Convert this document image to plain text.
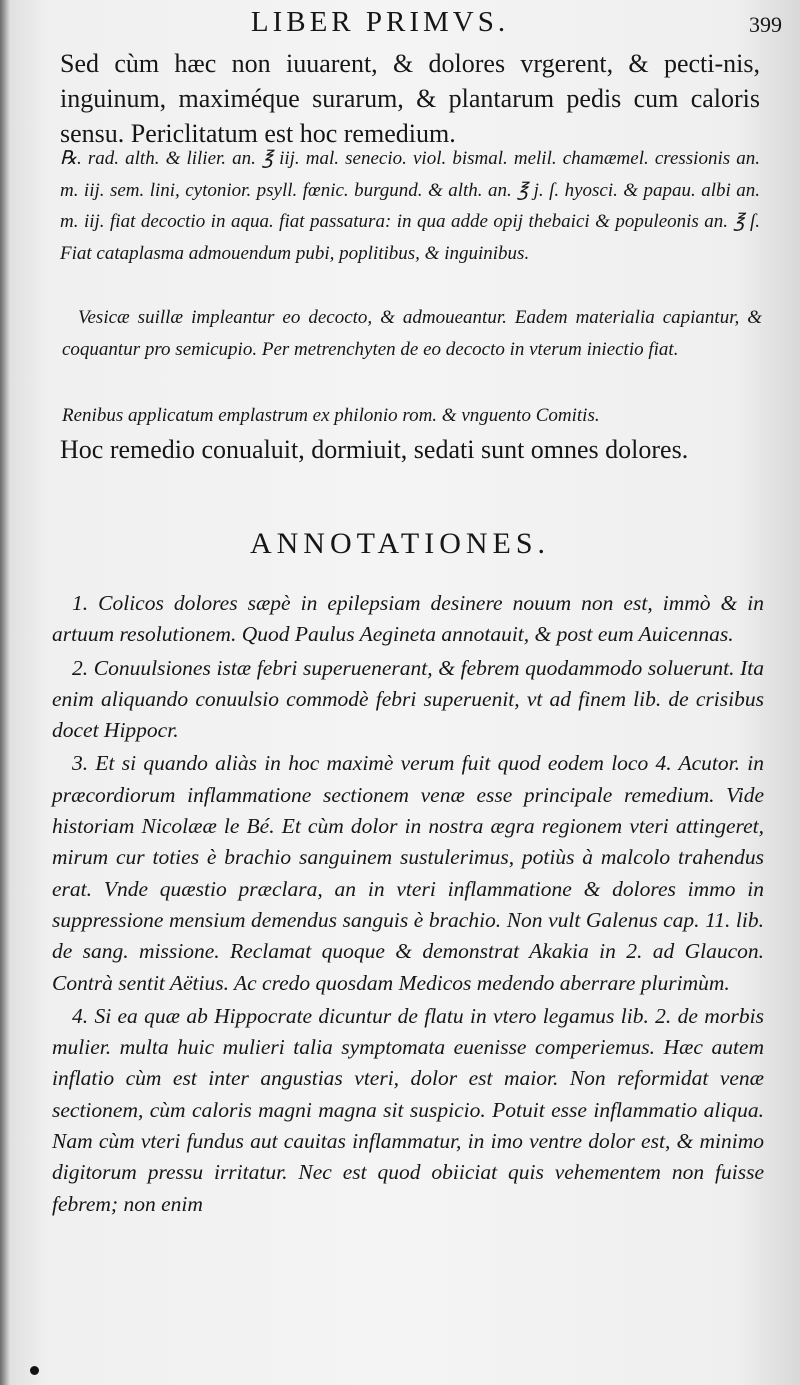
LIBER PRIMVS.	399

Sed cùm hæc non iuuarent, & dolores vrgerent, & pecti-nis, inguinum, maximéque surarum, & plantarum pedis cum caloris sensu. Periclitatum est hoc remedium.

℞. rad. alth. & lilier. an. ℥ iij. mal. senecio. viol. bismal. melil. chamæmel. cressionis an. m. iij. sem. lini, cytonior. psyll. fœnic. burgund. & alth. an. ℥ j. ſ. hyosci. & papau. albi an. m. iij. fiat decoctio in aqua. fiat passatura: in qua adde opij thebaici & populeonis an. ℥ ſ. Fiat cataplasma admouendum pubi, poplitibus, & inguinibus.

Vesicæ suillæ impleantur eo decocto, & admoueantur. Eadem materialia capiantur, & coquantur pro semicupio. Per metrenchyten de eo decocto in vterum iniectio fiat.

Renibus applicatum emplastrum ex philonio rom. & vnguento Comitis.

Hoc remedio conualuit, dormiuit, sedati sunt omnes dolores.

ANNOTATIONES.

1. Colicos dolores sæpè in epilepsiam desinere nouum non est, immò & in artuum resolutionem. Quod Paulus Aegineta annotauit, & post eum Auicennas.

2. Conuulsiones istæ febri superuenerant, & febrem quodammodo soluerunt. Ita enim aliquando conuulsio commodè febri superuenit, vt ad finem lib. de crisibus docet Hippocr.

3. Et si quando aliàs in hoc maximè verum fuit quod eodem loco 4. Acutor. in præcordiorum inflammatione sectionem venæ esse principale remedium. Vide historiam Nicolææ le Bé. Et cùm dolor in nostra ægra regionem vteri attingeret, mirum cur toties è brachio sanguinem sustulerimus, potiùs à malcolo trahendus erat. Vnde quæstio præclara, an in vteri inflammatione & dolores immo in suppressione mensium demendus sanguis è brachio. Non vult Galenus cap. 11. lib. de sang. missione. Reclamat quoque & demonstrat Akakia in 2. ad Glaucon. Contrà sentit Aëtius. Ac credo quosdam Medicos medendo aberrare plurimùm.

4. Si ea quæ ab Hippocrate dicuntur de flatu in vtero legamus lib. 2. de morbis mulier. multa huic mulieri talia symptomata euenisse comperiemus. Hæc autem inflatio cùm est inter angustias vteri, dolor est maior. Non reformidat venæ sectionem, cùm caloris magni magna sit suspicio. Potuit esse inflammatio aliqua. Nam cùm vteri fundus aut cauitas inflammatur, in imo ventre dolor est, & minimo digitorum pressu irritatur. Nec est quod obiiciat quis vehementem non fuisse febrem; non enim
